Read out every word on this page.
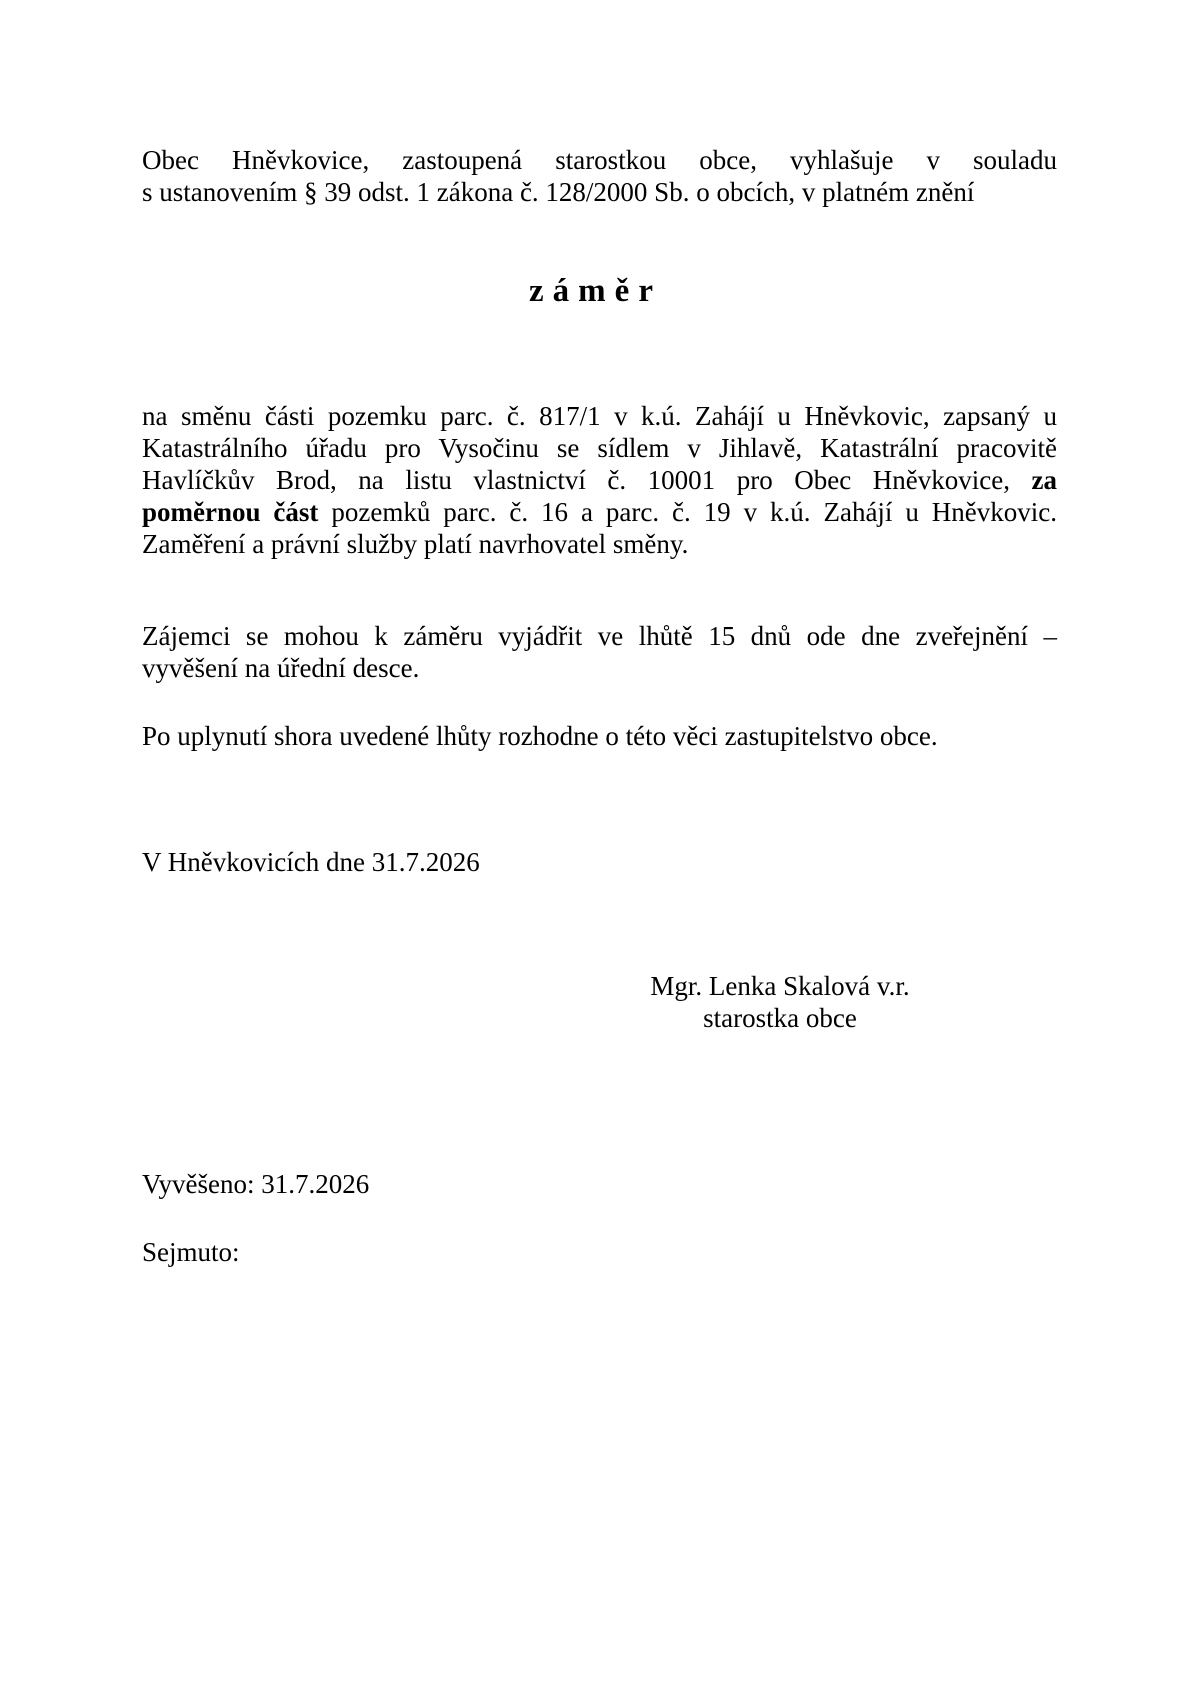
Obec Hněvkovice, zastoupená starostkou obce, vyhlašuje v souladu
s ustanovením § 39 odst. 1 zákona č. 128/2000 Sb. o obcích, v platném znění
záměr
na směnu části pozemku parc. č. 817/1 v k.ú. Zahájí u Hněvkovic, zapsaný u
Katastrálního úřadu pro Vysočinu se sídlem v Jihlavě, Katastrální pracovitě
Havlíčkův Brod, na listu vlastnictví č. 10001 pro Obec Hněvkovice, za
poměrnou část pozemků parc. č. 16 a parc. č. 19 v k.ú. Zahájí u Hněvkovic.
Zaměření a právní služby platí navrhovatel směny.
Zájemci se mohou k záměru vyjádřit ve lhůtě 15 dnů ode dne zveřejnění –
vyvěšení na úřední desce.
Po uplynutí shora uvedené lhůty rozhodne o této věci zastupitelstvo obce.
V Hněvkovicích dne 31.7.2026
Mgr. Lenka Skalová v.r.
starostka obce
Vyvěšeno: 31.7.2026
Sejmuto:
